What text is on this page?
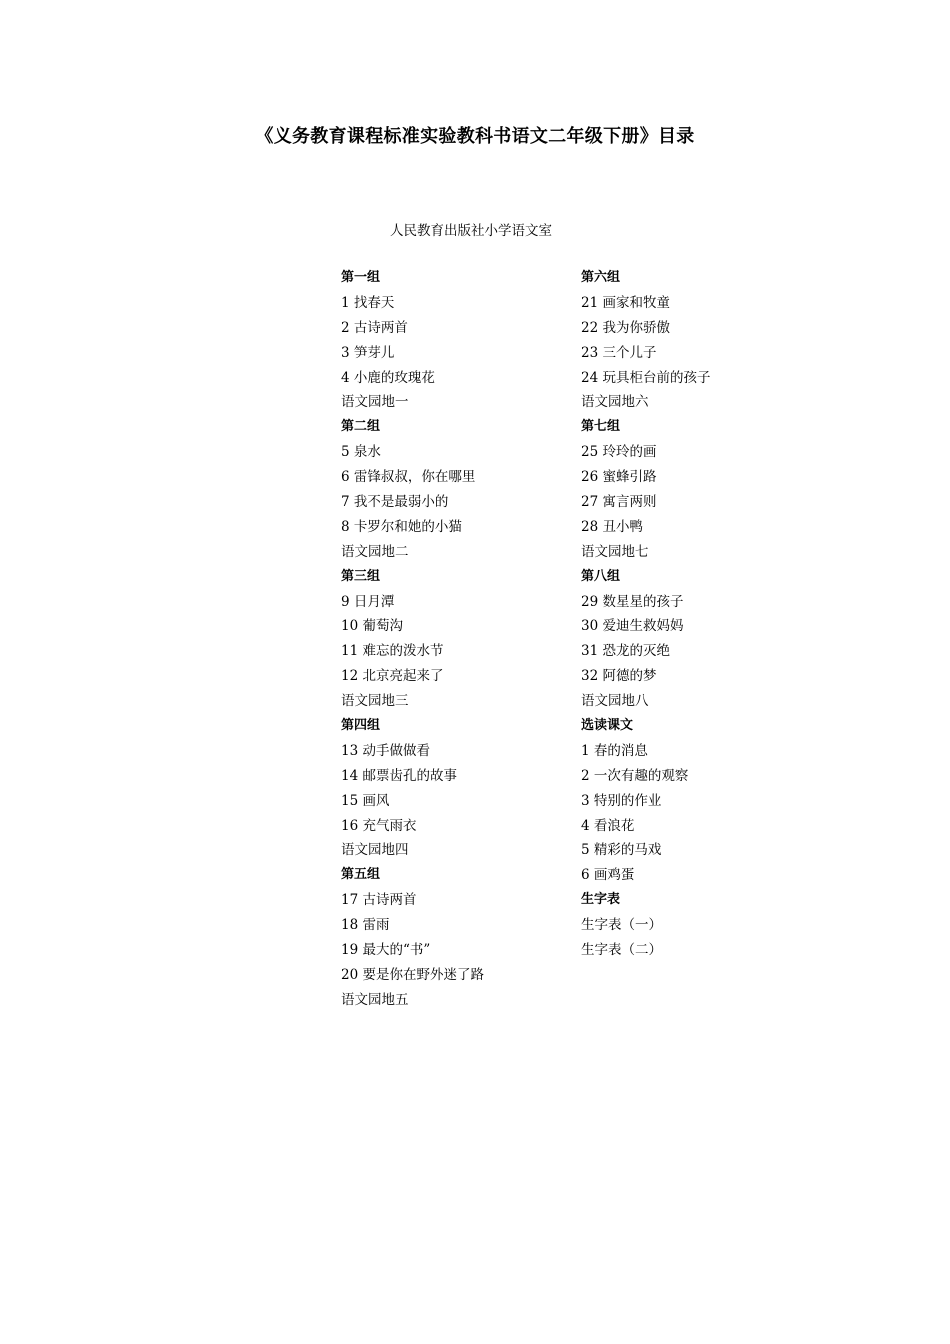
《义务教育课程标准实验教科书语文二年级下册》目录
人民教育出版社小学语文室
第一组
1 找春天
2 古诗两首
3 笋芽儿
4 小鹿的玫瑰花
语文园地一
第二组
5 泉水
6 雷锋叔叔，你在哪里
7 我不是最弱小的
8 卡罗尔和她的小猫
语文园地二
第三组
9 日月潭
10 葡萄沟
11 难忘的泼水节
12 北京亮起来了
语文园地三
第四组
13 动手做做看
14 邮票齿孔的故事
15 画风
16 充气雨衣
语文园地四
第五组
17 古诗两首
18 雷雨
19 最大的“书”
20 要是你在野外迷了路
语文园地五
第六组
21 画家和牧童
22 我为你骄傲
23 三个儿子
24 玩具柜台前的孩子
语文园地六
第七组
25 玲玲的画
26 蜜蜂引路
27 寓言两则
28 丑小鸭
语文园地七
第八组
29 数星星的孩子
30 爱迪生救妈妈
31 恐龙的灭绝
32 阿德的梦
语文园地八
选读课文
1 春的消息
2 一次有趣的观察
3 特别的作业
4 看浪花
5 精彩的马戏
6 画鸡蛋
生字表
生字表（一）
生字表（二）
